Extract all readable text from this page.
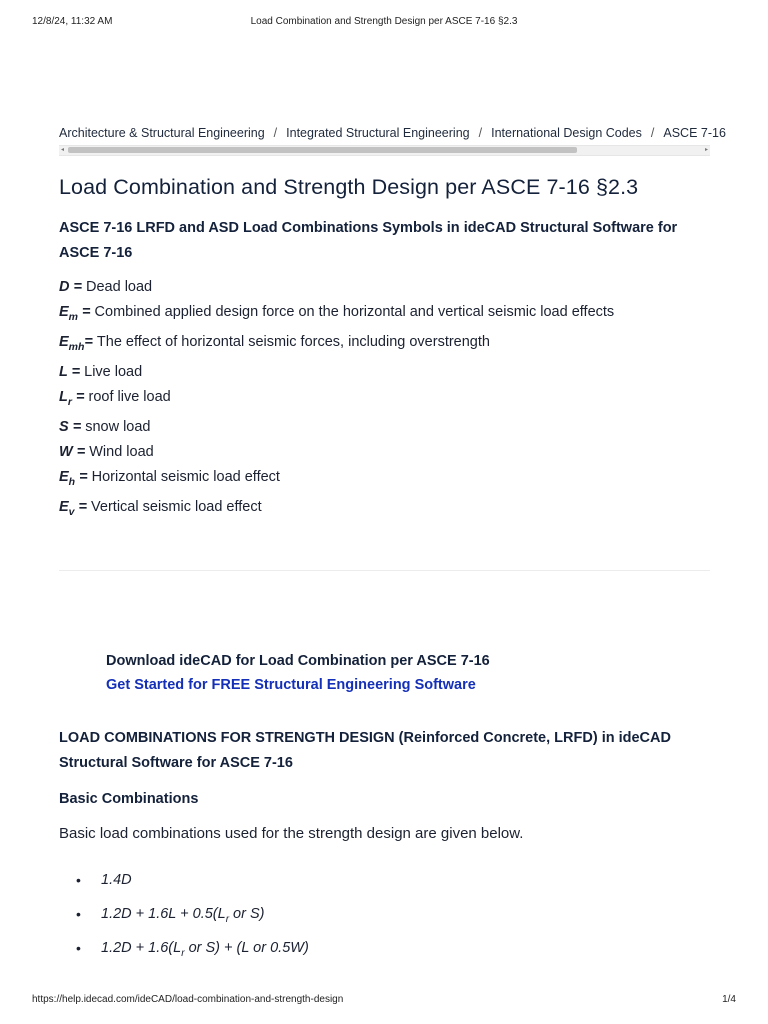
12/8/24, 11:32 AM	Load Combination and Strength Design per ASCE 7-16 §2.3
Architecture & Structural Engineering / Integrated Structural Engineering / International Design Codes / ASCE 7-16
◂	▸
Load Combination and Strength Design per ASCE 7-16 §2.3
ASCE 7-16 LRFD and ASD Load Combinations Symbols in ideCAD Structural Software for ASCE 7-16
D = Dead load
$E_m$ = Combined applied design force on the horizontal and vertical seismic load effects
$E_{mh}=$ The effect of horizontal seismic forces, including overstrength
L = Live load
$L_r$ = roof live load
S = snow load
W = Wind load
$E_h$ = Horizontal seismic load effect
$E_v$ = Vertical seismic load effect
Download ideCAD for Load Combination per ASCE 7-16
Get Started for FREE Structural Engineering Software
LOAD COMBINATIONS FOR STRENGTH DESIGN (Reinforced Concrete, LRFD) in ideCAD Structural Software for ASCE 7-16
Basic Combinations
Basic load combinations used for the strength design are given below.
• 1.4D
• $1.2D + 1.6L + 0.5(L_r$ or S)
• $1.2D + 1.6(L_r$ or S) + (L or 0.5W)
https://help.idecad.com/ideCAD/load-combination-and-strength-design	1/4
